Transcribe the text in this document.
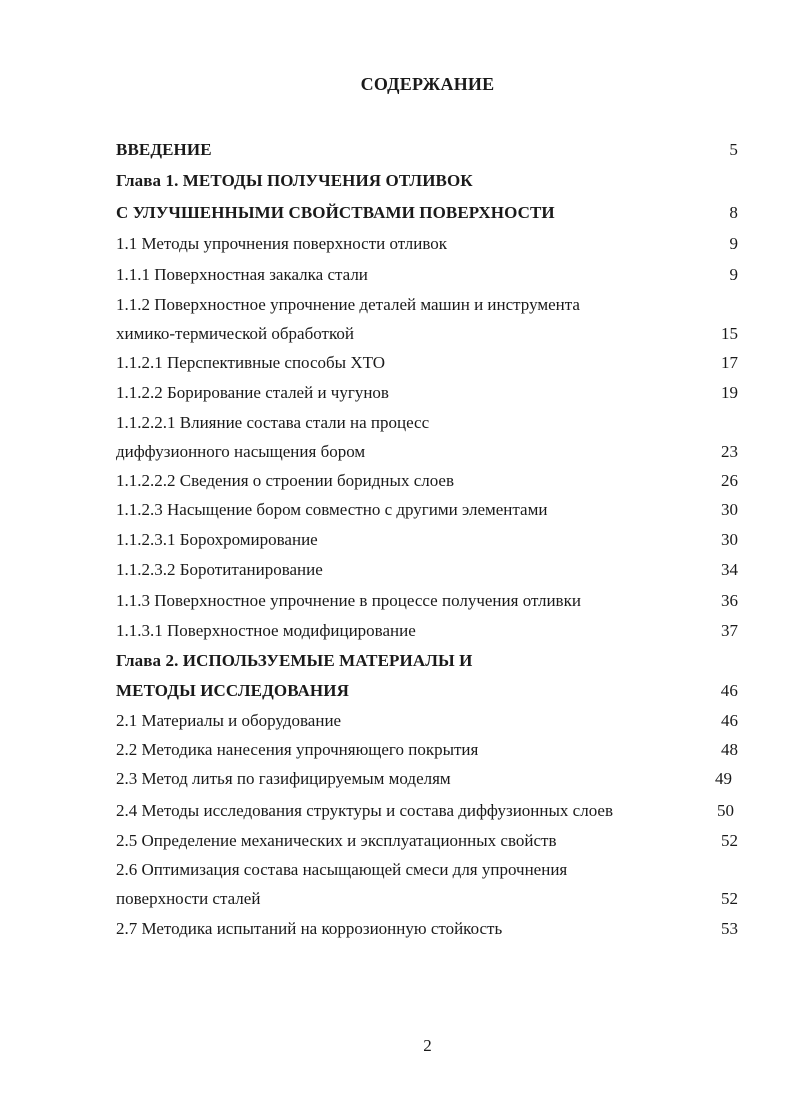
СОДЕРЖАНИЕ
ВВЕДЕНИЕ	5
Глава 1. МЕТОДЫ ПОЛУЧЕНИЯ ОТЛИВОК
С УЛУЧШЕННЫМИ СВОЙСТВАМИ ПОВЕРХНОСТИ	8
1.1 Методы упрочнения поверхности отливок	9
1.1.1 Поверхностная закалка стали	9
1.1.2 Поверхностное упрочнение деталей машин и инструмента
химико-термической обработкой	15
1.1.2.1 Перспективные способы ХТО	17
1.1.2.2 Борирование сталей и чугунов	19
1.1.2.2.1 Влияние состава стали на процесс
диффузионного насыщения бором	23
1.1.2.2.2 Сведения о строении боридных слоев	26
1.1.2.3 Насыщение бором совместно с другими элементами	30
1.1.2.3.1 Борохромирование	30
1.1.2.3.2 Боротитанирование	34
1.1.3 Поверхностное упрочнение в процессе получения отливки	36
1.1.3.1 Поверхностное модифицирование	37
Глава 2. ИСПОЛЬЗУЕМЫЕ МАТЕРИАЛЫ И
МЕТОДЫ ИССЛЕДОВАНИЯ	46
2.1 Материалы и оборудование	46
2.2 Методика нанесения упрочняющего покрытия	48
2.3 Метод литья по газифицируемым моделям	49
2.4 Методы исследования структуры и состава диффузионных слоев	50
2.5 Определение механических и эксплуатационных свойств	52
2.6 Оптимизация состава насыщающей смеси для упрочнения
поверхности сталей	52
2.7 Методика испытаний на коррозионную стойкость	53
2
